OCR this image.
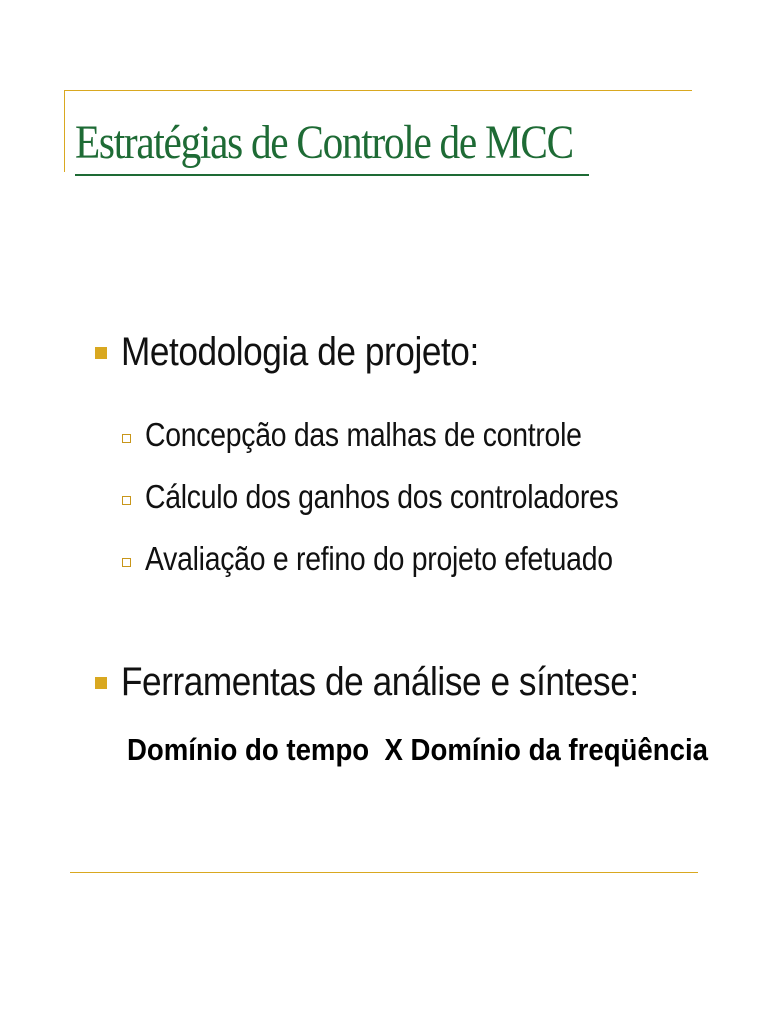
Estratégias de Controle de MCC
Metodologia de projeto:
Concepção das malhas de controle
Cálculo dos ganhos dos controladores
Avaliação e refino do projeto efetuado
Ferramentas de análise e síntese:
Domínio do tempo  X Domínio da freqüência
